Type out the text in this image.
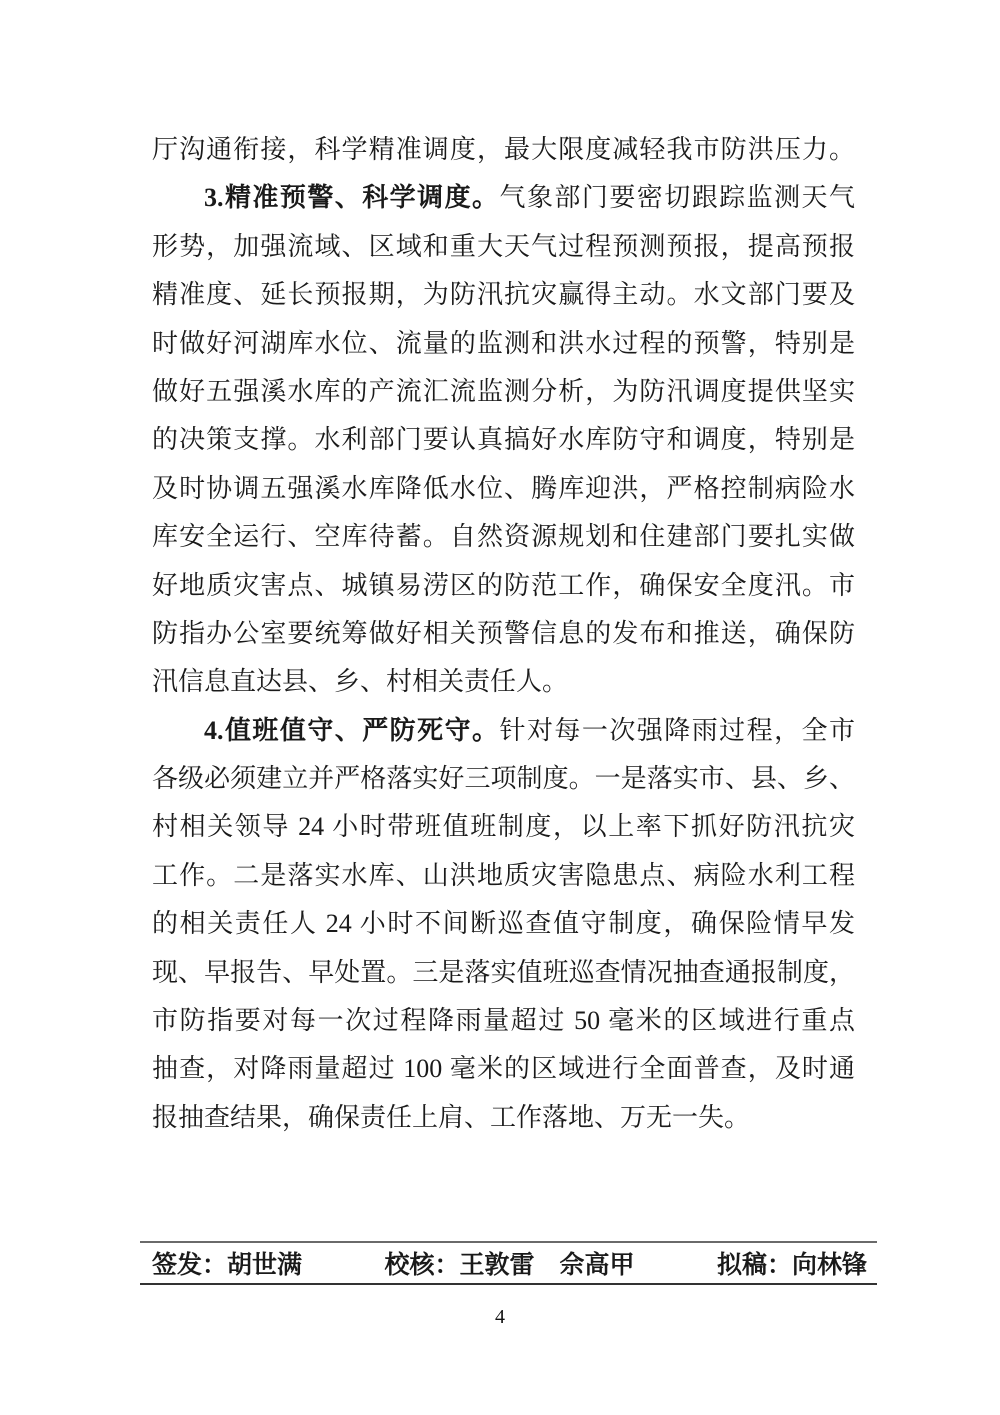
厅沟通衔接，科学精准调度，最大限度减轻我市防洪压力。
3.精准预警、科学调度。气象部门要密切跟踪监测天气
形势，加强流域、区域和重大天气过程预测预报，提高预报
精准度、延长预报期，为防汛抗灾赢得主动。水文部门要及
时做好河湖库水位、流量的监测和洪水过程的预警，特别是
做好五强溪水库的产流汇流监测分析，为防汛调度提供坚实
的决策支撑。水利部门要认真搞好水库防守和调度，特别是
及时协调五强溪水库降低水位、腾库迎洪，严格控制病险水
库安全运行、空库待蓄。自然资源规划和住建部门要扎实做
好地质灾害点、城镇易涝区的防范工作，确保安全度汛。市
防指办公室要统筹做好相关预警信息的发布和推送，确保防
汛信息直达县、乡、村相关责任人。
4.值班值守、严防死守。针对每一次强降雨过程，全市
各级必须建立并严格落实好三项制度。一是落实市、县、乡、
村相关领导 24 小时带班值班制度，以上率下抓好防汛抗灾
工作。二是落实水库、山洪地质灾害隐患点、病险水利工程
的相关责任人 24 小时不间断巡查值守制度，确保险情早发
现、早报告、早处置。三是落实值班巡查情况抽查通报制度，
市防指要对每一次过程降雨量超过 50 毫米的区域进行重点
抽查，对降雨量超过 100 毫米的区域进行全面普查，及时通
报抽查结果，确保责任上肩、工作落地、万无一失。
签发：胡世满	校核：王敦雷　佘高甲	拟稿：向林锋
4
